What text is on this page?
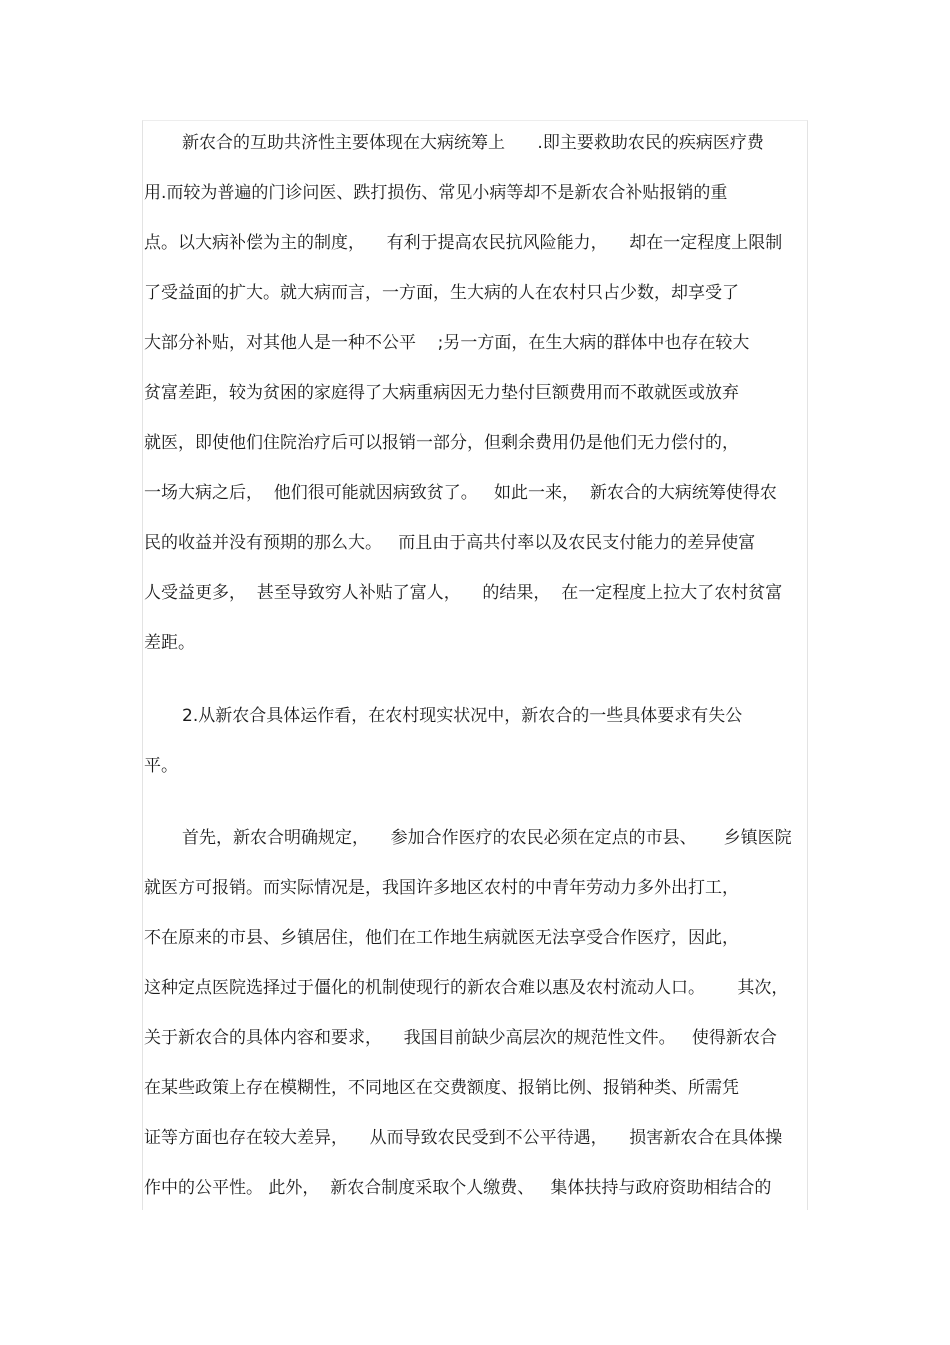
新农合的互助共济性主要体现在大病统筹上      .即主要救助农民的疾病医疗费
用.而较为普遍的门诊问医、跌打损伤、常见小病等却不是新农合补贴报销的重
点。以大病补偿为主的制度，    有利于提高农民抗风险能力，    却在一定程度上限制
了受益面的扩大。就大病而言，一方面，生大病的人在农村只占少数，却享受了
大部分补贴，对其他人是一种不公平    ;另一方面，在生大病的群体中也存在较大
贫富差距，较为贫困的家庭得了大病重病因无力垫付巨额费用而不敢就医或放弃
就医，即使他们住院治疗后可以报销一部分，但剩余费用仍是他们无力偿付的，
一场大病之后，  他们很可能就因病致贫了。   如此一来，  新农合的大病统筹使得农
民的收益并没有预期的那么大。   而且由于高共付率以及农民支付能力的差异使富
人受益更多，  甚至导致穷人补贴了富人，    的结果，  在一定程度上拉大了农村贫富
差距。
2.从新农合具体运作看，在农村现实状况中，新农合的一些具体要求有失公
平。
首先，新农合明确规定，    参加合作医疗的农民必须在定点的市县、     乡镇医院
就医方可报销。而实际情况是，我国许多地区农村的中青年劳动力多外出打工，
不在原来的市县、乡镇居住，他们在工作地生病就医无法享受合作医疗，因此，
这种定点医院选择过于僵化的机制使现行的新农合难以惠及农村流动人口。      其次，
关于新农合的具体内容和要求，    我国目前缺少高层次的规范性文件。   使得新农合
在某些政策上存在模糊性，不同地区在交费额度、报销比例、报销种类、所需凭
证等方面也存在较大差异，    从而导致农民受到不公平待遇，    损害新农合在具体操
作中的公平性。 此外，  新农合制度采取个人缴费、   集体扶持与政府资助相结合的
